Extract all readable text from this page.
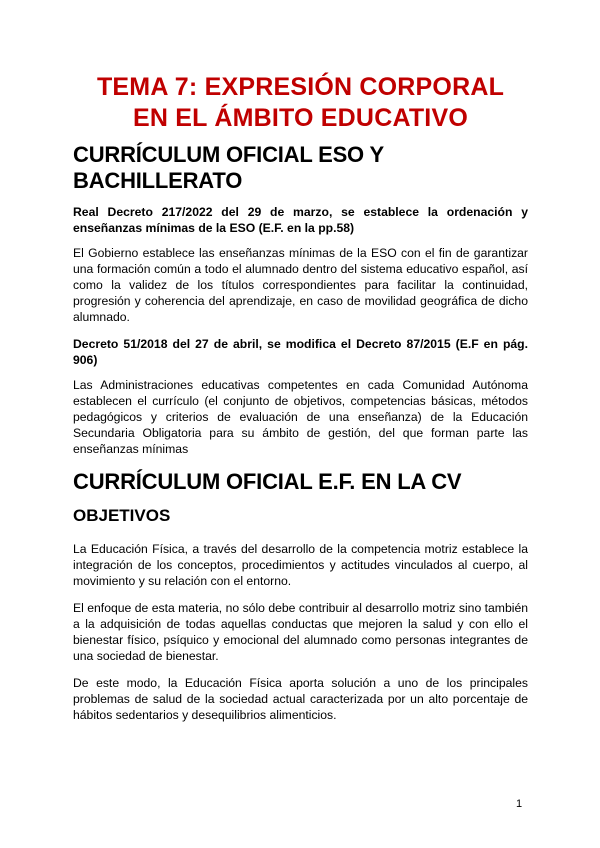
TEMA 7: EXPRESIÓN CORPORAL
EN EL ÁMBITO EDUCATIVO
CURRÍCULUM OFICIAL ESO Y BACHILLERATO
Real Decreto 217/2022 del 29 de marzo, se establece la ordenación y enseñanzas mínimas de la ESO (E.F. en la pp.58)
El Gobierno establece las enseñanzas mínimas de la ESO con el fin de garantizar una formación común a todo el alumnado dentro del sistema educativo español, así como la validez de los títulos correspondientes para facilitar la continuidad, progresión y coherencia del aprendizaje, en caso de movilidad geográfica de dicho alumnado.
Decreto 51/2018 del 27 de abril, se modifica el Decreto 87/2015 (E.F en pág. 906)
Las Administraciones educativas competentes en cada Comunidad Autónoma establecen el currículo (el conjunto de objetivos, competencias básicas, métodos pedagógicos y criterios de evaluación de una enseñanza) de la Educación Secundaria Obligatoria para su ámbito de gestión, del que forman parte las enseñanzas mínimas
CURRÍCULUM OFICIAL E.F. EN LA CV
OBJETIVOS
La Educación Física, a través del desarrollo de la competencia motriz establece la integración de los conceptos, procedimientos y actitudes vinculados al cuerpo, al movimiento y su relación con el entorno.
El enfoque de esta materia, no sólo debe contribuir al desarrollo motriz sino también a la adquisición de todas aquellas conductas que mejoren la salud y con ello el bienestar físico, psíquico y emocional del alumnado como personas integrantes de una sociedad de bienestar.
De este modo, la Educación Física aporta solución a uno de los principales problemas de salud de la sociedad actual caracterizada por un alto porcentaje de hábitos sedentarios y desequilibrios alimenticios.
1
